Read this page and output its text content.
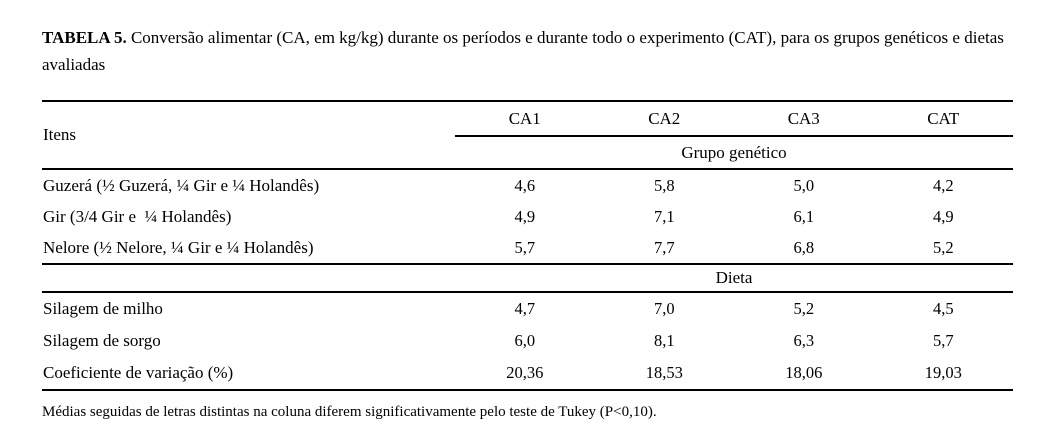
TABELA 5. Conversão alimentar (CA, em kg/kg) durante os períodos e durante todo o experimento (CAT), para os grupos genéticos e dietas avaliadas

Itens
CA1	CA2	CA3	CAT
Grupo genético
Guzerá (½ Guzerá, ¼ Gir e ¼ Holandês)	4,6	5,8	5,0	4,2
Gir (3/4 Gir e  ¼ Holandês)	4,9	7,1	6,1	4,9
Nelore (½ Nelore, ¼ Gir e ¼ Holandês)	5,7	7,7	6,8	5,2
Dieta
Silagem de milho	4,7	7,0	5,2	4,5
Silagem de sorgo	6,0	8,1	6,3	5,7
Coeficiente de variação (%)	20,36	18,53	18,06	19,03

Médias seguidas de letras distintas na coluna diferem significativamente pelo teste de Tukey (P<0,10).
